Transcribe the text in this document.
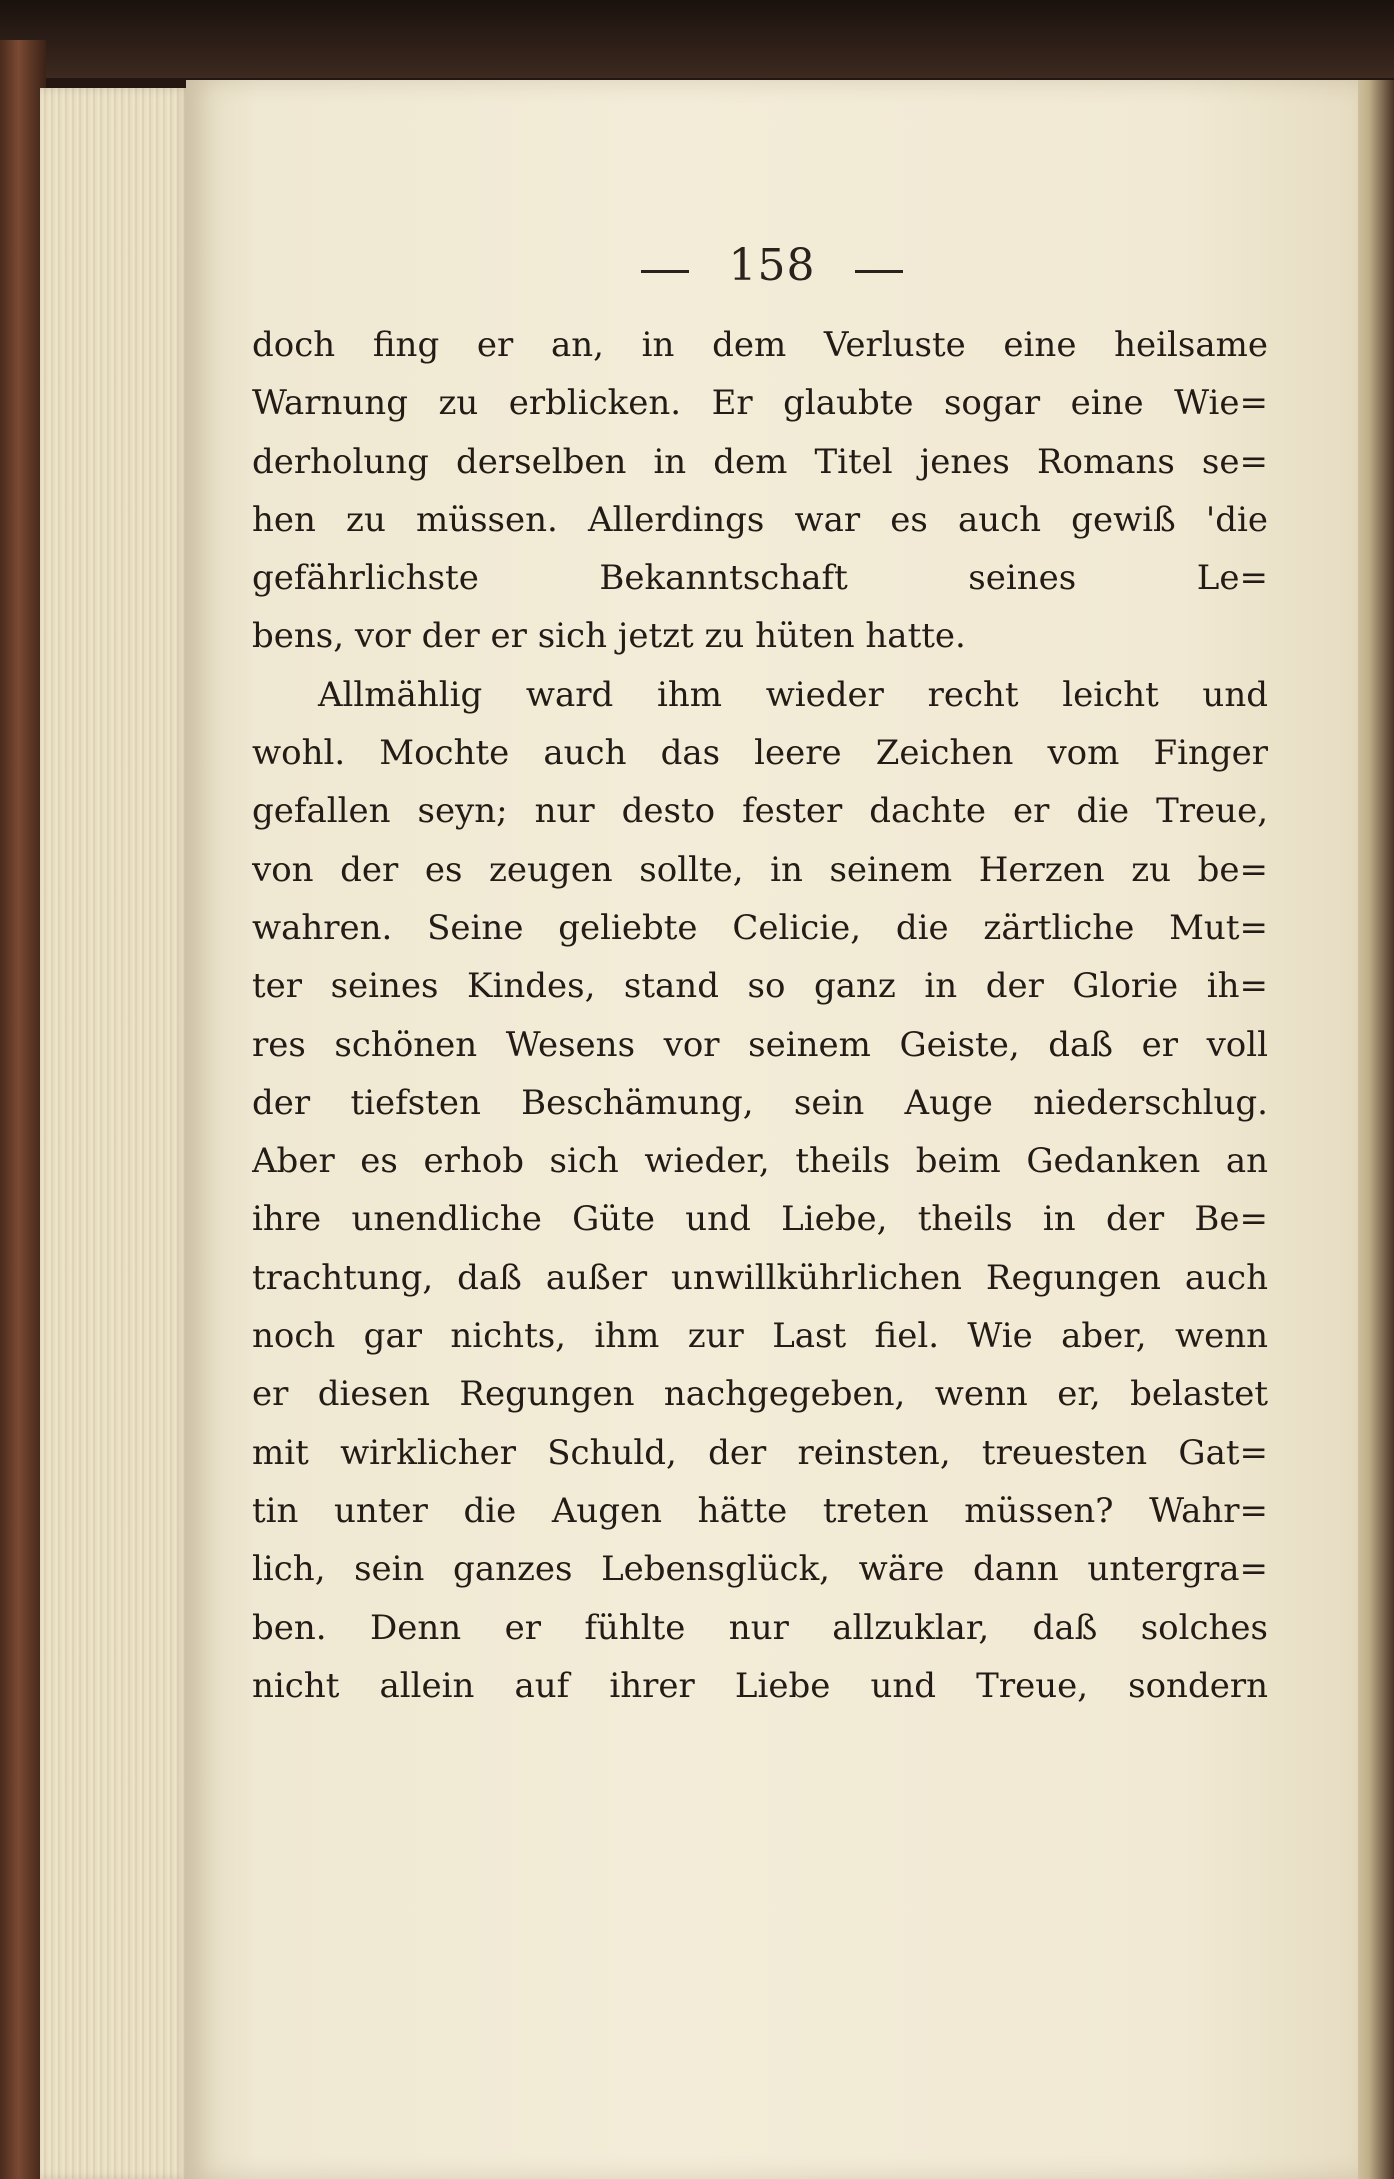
158
doch fing er an, in dem Verluste eine heilsame
Warnung zu erblicken. Er glaubte sogar eine Wie=
derholung derselben in dem Titel jenes Romans se=
hen zu müssen. Allerdings war es auch gewiß 'die
gefährlichste Bekanntschaft seines Le=
bens, vor der er sich jetzt zu hüten hatte.
Allmählig ward ihm wieder recht leicht und
wohl. Mochte auch das leere Zeichen vom Finger
gefallen seyn; nur desto fester dachte er die Treue,
von der es zeugen sollte, in seinem Herzen zu be=
wahren. Seine geliebte Celicie, die zärtliche Mut=
ter seines Kindes, stand so ganz in der Glorie ih=
res schönen Wesens vor seinem Geiste, daß er voll
der tiefsten Beschämung, sein Auge niederschlug.
Aber es erhob sich wieder, theils beim Gedanken an
ihre unendliche Güte und Liebe, theils in der Be=
trachtung, daß außer unwillkührlichen Regungen auch
noch gar nichts, ihm zur Last fiel. Wie aber, wenn
er diesen Regungen nachgegeben, wenn er, belastet
mit wirklicher Schuld, der reinsten, treuesten Gat=
tin unter die Augen hätte treten müssen? Wahr=
lich, sein ganzes Lebensglück, wäre dann untergra=
ben. Denn er fühlte nur allzuklar, daß solches
nicht allein auf ihrer Liebe und Treue, sondern
